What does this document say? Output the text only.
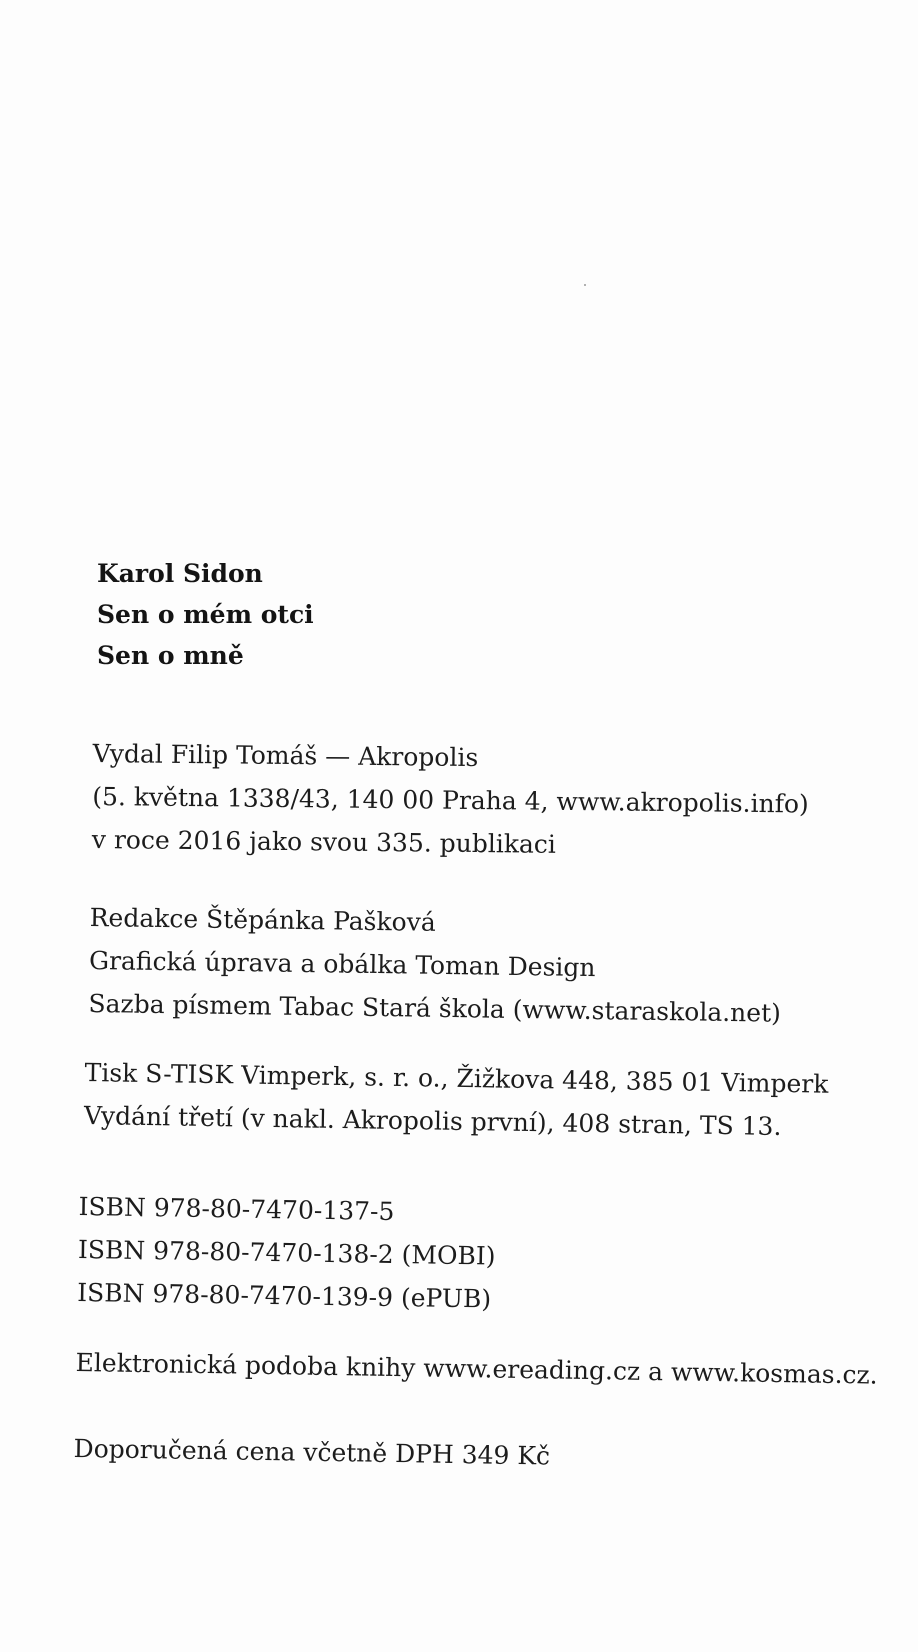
Karol Sidon
Sen o mém otci
Sen o mně
Vydal Filip Tomáš — Akropolis
(5. května 1338/43, 140 00 Praha 4, www.akropolis.info)
v roce 2016 jako svou 335. publikaci
Redakce Štěpánka Pašková
Grafická úprava a obálka Toman Design
Sazba písmem Tabac Stará škola (www.staraskola.net)
Tisk S-TISK Vimperk, s. r. o., Žižkova 448, 385 01 Vimperk
Vydání třetí (v nakl. Akropolis první), 408 stran, TS 13.
ISBN 978-80-7470-137-5
ISBN 978-80-7470-138-2 (MOBI)
ISBN 978-80-7470-139-9 (ePUB)
Elektronická podoba knihy www.ereading.cz a www.kosmas.cz.
Doporučená cena včetně DPH 349 Kč
